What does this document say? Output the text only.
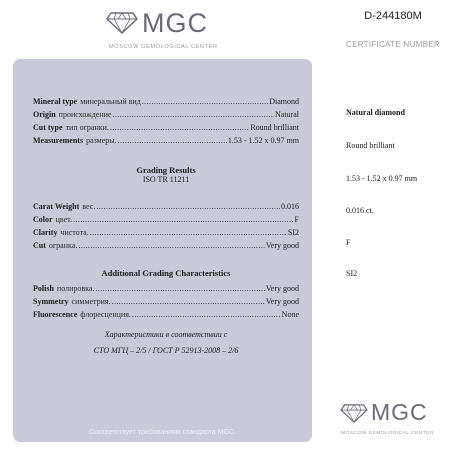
MGC
MOSCOW GEMOLOGICAL CENTER
D-244180M
CERTIFICATE NUMBER
Mineral type минеральный вид .....	Diamond
Origin происхождение .....	Natural
Cut type тип огранки. .....	Round brilliant
Measurements размеры. .....	1.53 - 1.52 x 0.97 mm
Grading Results
ISO TR 11211
Carat Weight вес. .....	0.016
Color цвет. .....	F
Clarity чистота. .....	SI2
Cut огранка. .....	Very good
Additional Grading Characteristics
Polish полировка. .....	Very good
Symmetry симметрия. .....	Very good
Fluorescence флоресценция. .....	None
Характеристики в соответствии с
СТО МГЦ – 2/5 / ГОСТ Р 52913-2008 – 2/6
Соответствует требованиям стандарта MGC.
Natural diamond
Round brilliant
1.53 - 1.52 x 0.97 mm
0.016 ct.
F
SI2
MGC
MOSCOW GEMOLOGICAL CENTER
